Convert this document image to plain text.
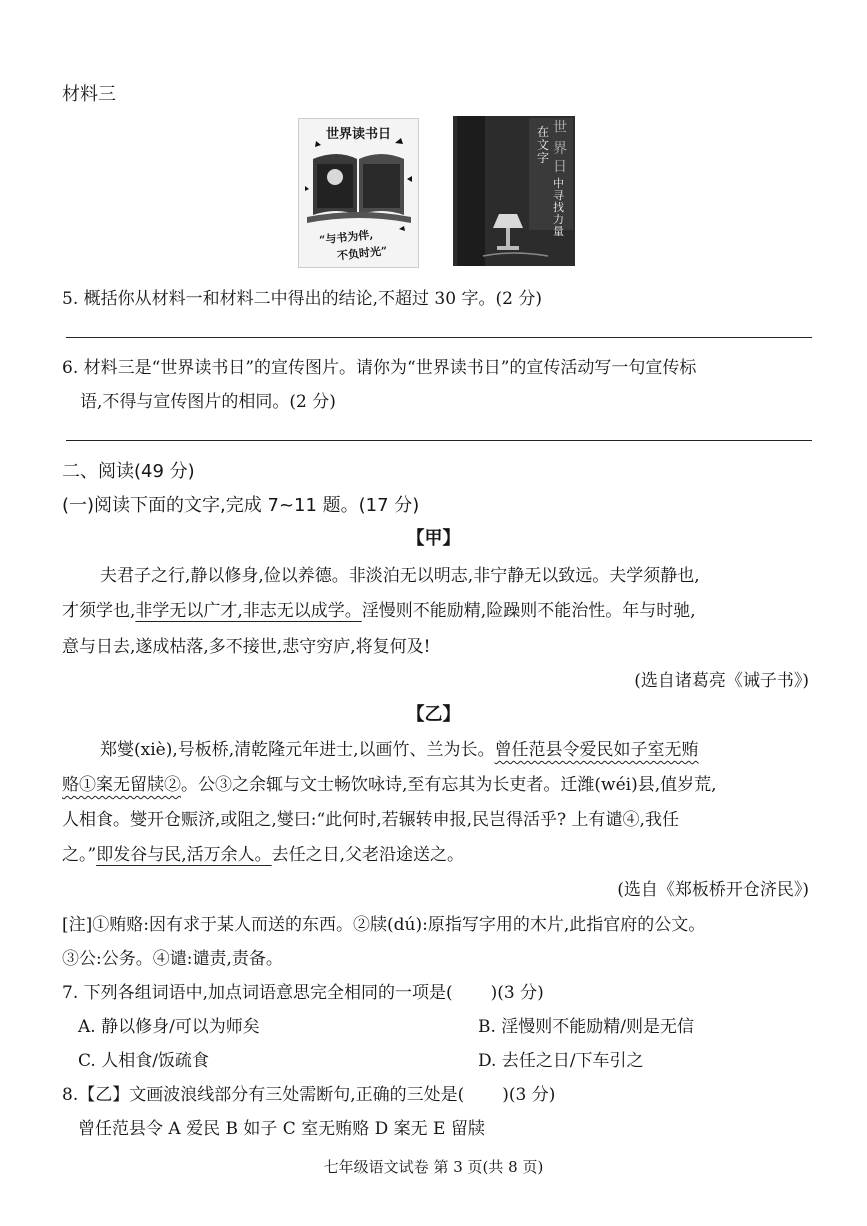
材料三
世界读书日
“与书为伴,
不负时光”
世
界
日
在文字
中寻找力量
5. 概括你从材料一和材料二中得出的结论,不超过 30 字。(2 分)
6. 材料三是“世界读书日”的宣传图片。请你为“世界读书日”的宣传活动写一句宣传标
语,不得与宣传图片的相同。(2 分)
二、阅读(49 分)
(一)阅读下面的文字,完成 7~11 题。(17 分)
【甲】
夫君子之行,静以修身,俭以养德。非淡泊无以明志,非宁静无以致远。夫学须静也,
才须学也,非学无以广才,非志无以成学。淫慢则不能励精,险躁则不能治性。年与时驰,
意与日去,遂成枯落,多不接世,悲守穷庐,将复何及!
(选自诸葛亮《诫子书》)
【乙】
郑燮(xiè),号板桥,清乾隆元年进士,以画竹、兰为长。曾任范县令爱民如子室无贿
赂①案无留牍②。公③之余辄与文士畅饮咏诗,至有忘其为长吏者。迁潍(wéi)县,值岁荒,
人相食。燮开仓赈济,或阻之,燮曰:“此何时,若辗转申报,民岂得活乎? 上有谴④,我任
之。”即发谷与民,活万余人。去任之日,父老沿途送之。
(选自《郑板桥开仓济民》)
[注]①贿赂:因有求于某人而送的东西。②牍(dú):原指写字用的木片,此指官府的公文。
③公:公务。④谴:谴责,责备。
7. 下列各组词语中,加点词语意思完全相同的一项是( )(3 分)
A. 静以修身/可以为师矣	B. 淫慢则不能励精/则是无信
C. 人相食/饭疏食	D. 去任之日/下车引之
8.【乙】文画波浪线部分有三处需断句,正确的三处是( )(3 分)
曾任范县令 A 爱民 B 如子 C 室无贿赂 D 案无 E 留牍
七年级语文试卷 第 3 页(共 8 页)
